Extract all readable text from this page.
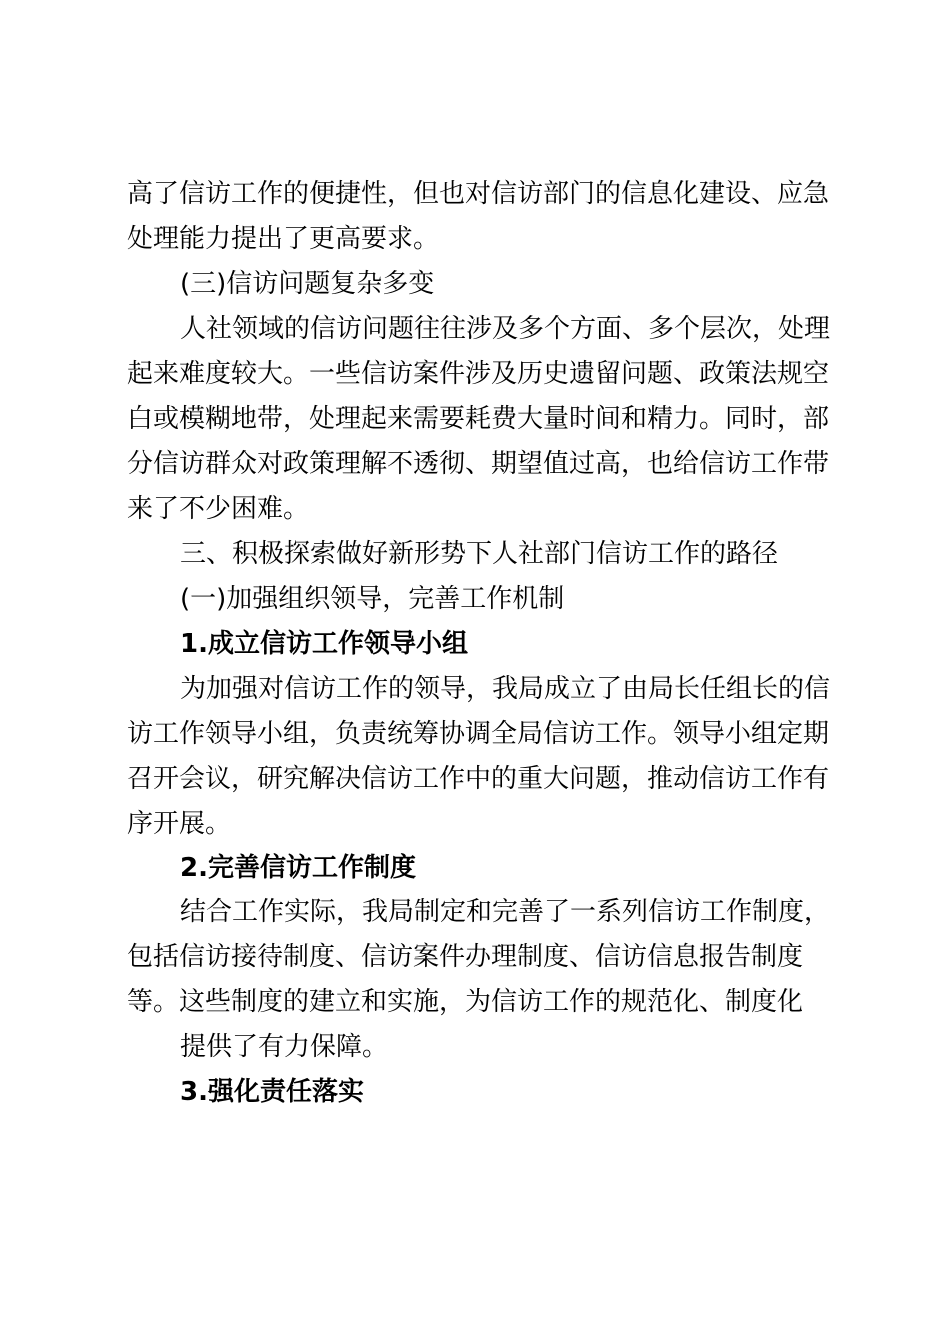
高了信访工作的便捷性，但也对信访部门的信息化建设、应急
处理能力提出了更高要求。
(三)信访问题复杂多变
人社领域的信访问题往往涉及多个方面、多个层次，处理
起来难度较大。一些信访案件涉及历史遗留问题、政策法规空
白或模糊地带，处理起来需要耗费大量时间和精力。同时，部
分信访群众对政策理解不透彻、期望值过高，也给信访工作带
来了不少困难。
三、积极探索做好新形势下人社部门信访工作的路径
(一)加强组织领导，完善工作机制
1.成立信访工作领导小组
为加强对信访工作的领导，我局成立了由局长任组长的信
访工作领导小组，负责统筹协调全局信访工作。领导小组定期
召开会议，研究解决信访工作中的重大问题，推动信访工作有
序开展。
2.完善信访工作制度
结合工作实际，我局制定和完善了一系列信访工作制度，
包括信访接待制度、信访案件办理制度、信访信息报告制度
等。这些制度的建立和实施，为信访工作的规范化、制度化
提供了有力保障。
3.强化责任落实
